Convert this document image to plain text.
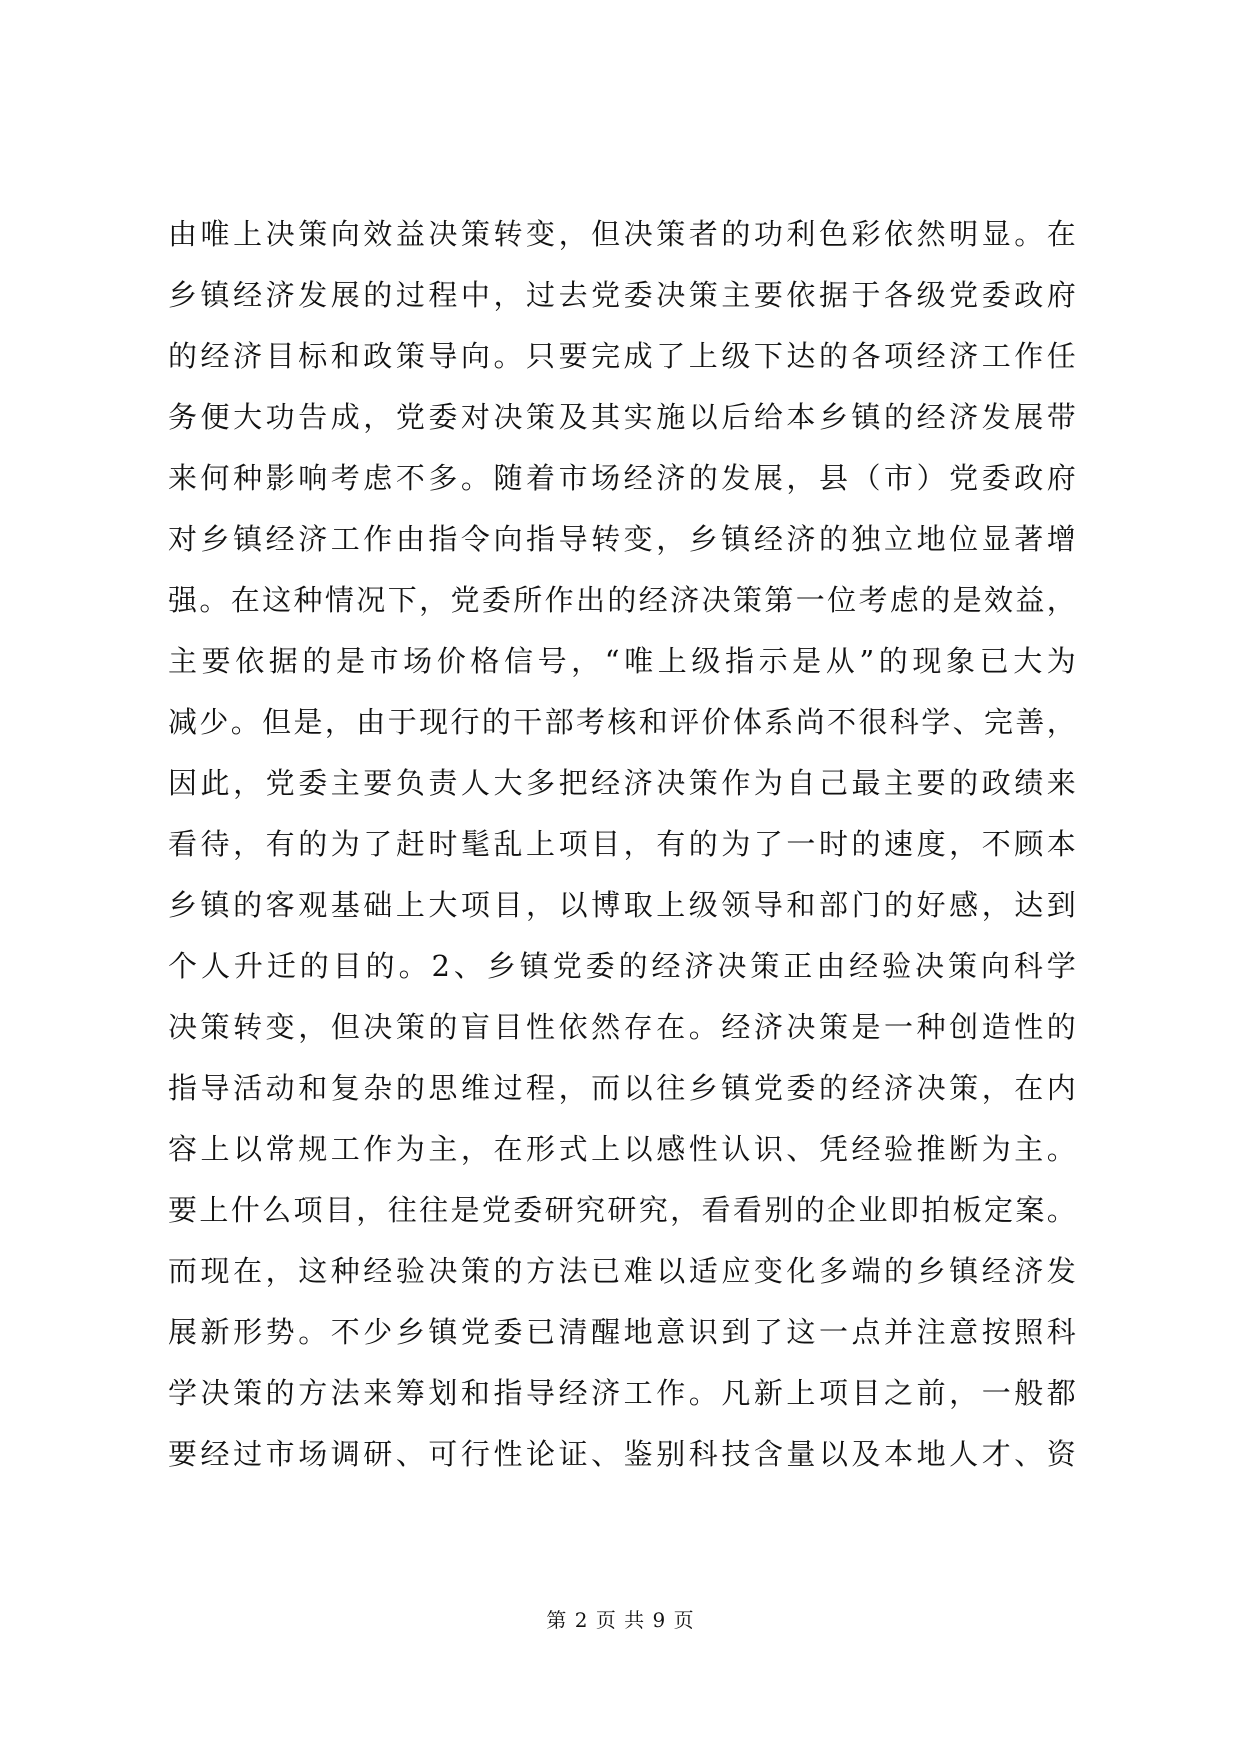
由唯上决策向效益决策转变，但决策者的功利色彩依然明显。在
乡镇经济发展的过程中，过去党委决策主要依据于各级党委政府
的经济目标和政策导向。只要完成了上级下达的各项经济工作任
务便大功告成，党委对决策及其实施以后给本乡镇的经济发展带
来何种影响考虑不多。随着市场经济的发展，县（市）党委政府
对乡镇经济工作由指令向指导转变，乡镇经济的独立地位显著增
强。在这种情况下，党委所作出的经济决策第一位考虑的是效益，
主要依据的是市场价格信号，“唯上级指示是从”的现象已大为
减少。但是，由于现行的干部考核和评价体系尚不很科学、完善，
因此，党委主要负责人大多把经济决策作为自己最主要的政绩来
看待，有的为了赶时髦乱上项目，有的为了一时的速度，不顾本
乡镇的客观基础上大项目，以博取上级领导和部门的好感，达到
个人升迁的目的。2、乡镇党委的经济决策正由经验决策向科学
决策转变，但决策的盲目性依然存在。经济决策是一种创造性的
指导活动和复杂的思维过程，而以往乡镇党委的经济决策，在内
容上以常规工作为主，在形式上以感性认识、凭经验推断为主。
要上什么项目，往往是党委研究研究，看看别的企业即拍板定案。
而现在，这种经验决策的方法已难以适应变化多端的乡镇经济发
展新形势。不少乡镇党委已清醒地意识到了这一点并注意按照科
学决策的方法来筹划和指导经济工作。凡新上项目之前，一般都
要经过市场调研、可行性论证、鉴别科技含量以及本地人才、资
第 2 页 共 9 页
